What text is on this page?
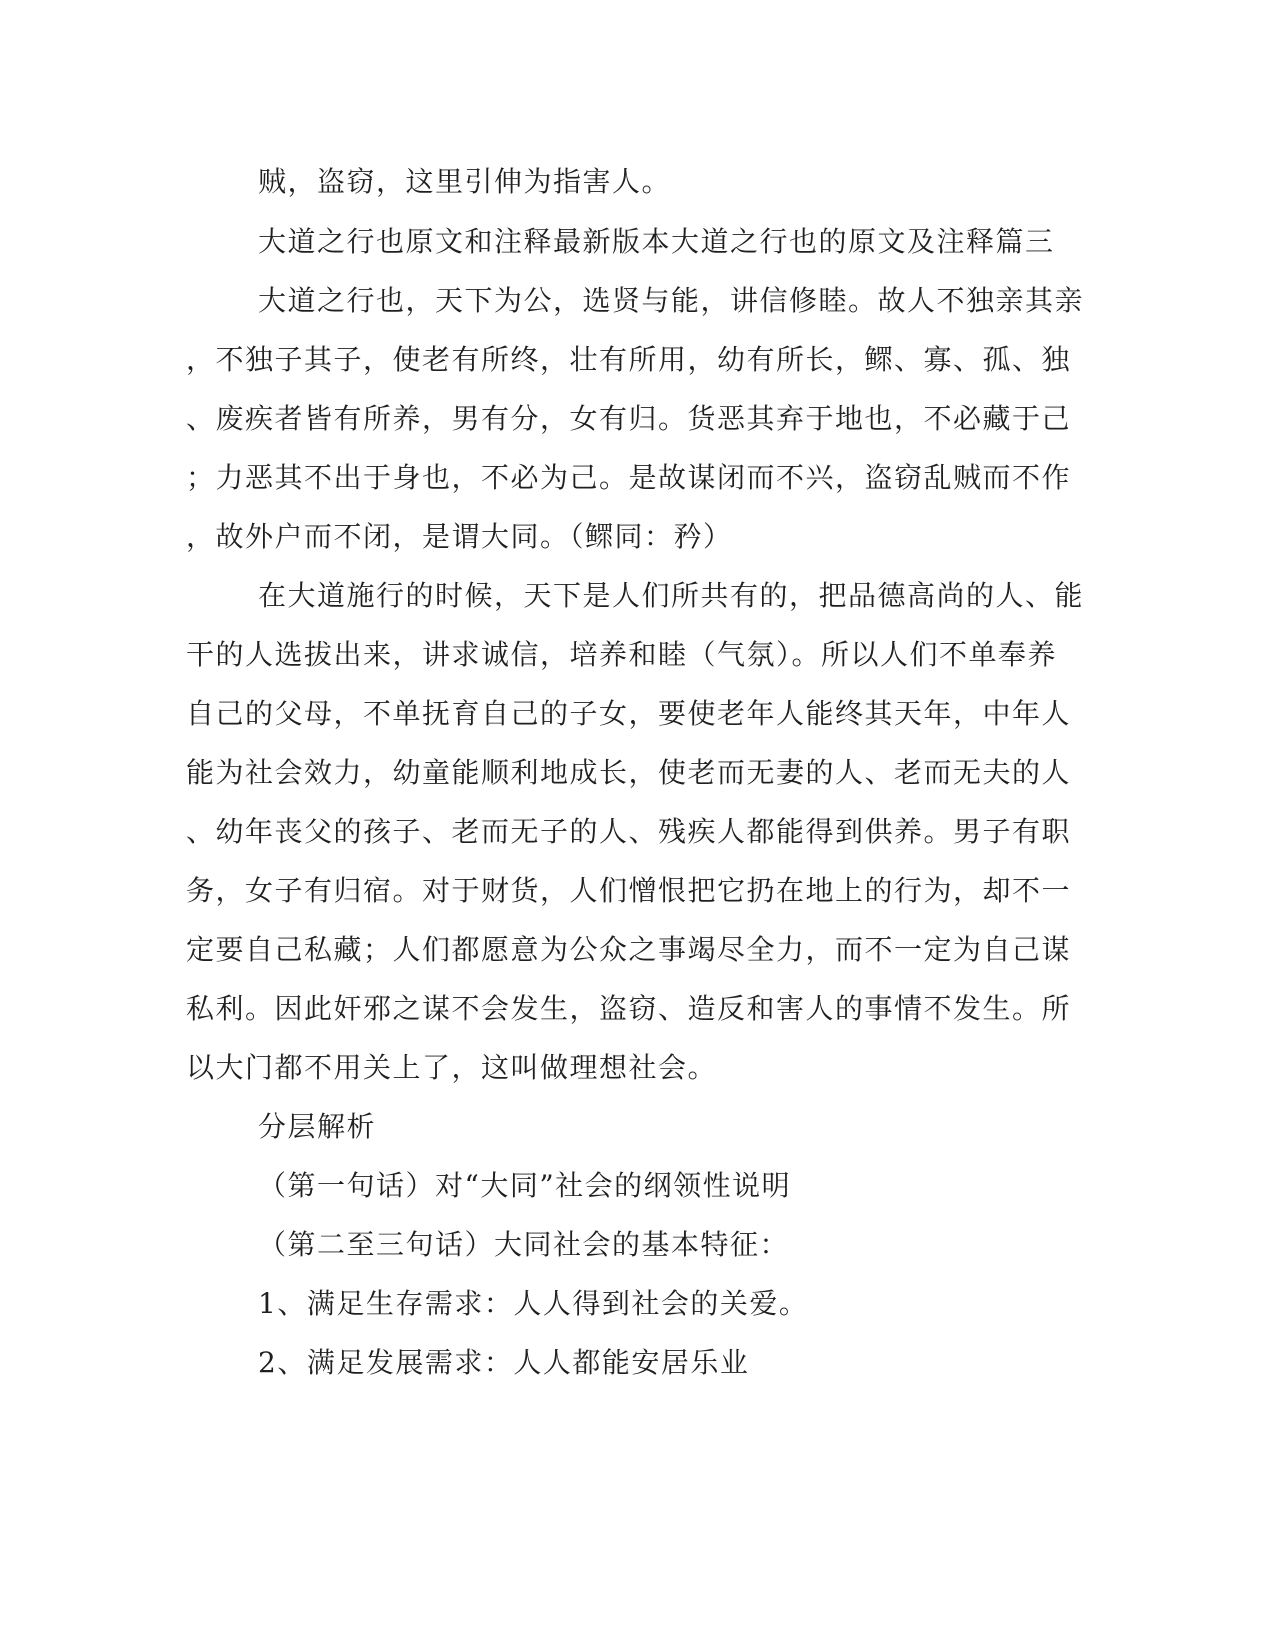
贼，盗窃，这里引伸为指害人。
大道之行也原文和注释最新版本大道之行也的原文及注释篇三
大道之行也，天下为公，选贤与能，讲信修睦。故人不独亲其亲
，不独子其子，使老有所终，壮有所用，幼有所长，鳏、寡、孤、独
、废疾者皆有所养，男有分，女有归。货恶其弃于地也，不必藏于己
；力恶其不出于身也，不必为己。是故谋闭而不兴，盗窃乱贼而不作
，故外户而不闭，是谓大同。（鳏同：矜）
在大道施行的时候，天下是人们所共有的，把品德高尚的人、能
干的人选拔出来，讲求诚信，培养和睦（气氛）。所以人们不单奉养
自己的父母，不单抚育自己的子女，要使老年人能终其天年，中年人
能为社会效力，幼童能顺利地成长，使老而无妻的人、老而无夫的人
、幼年丧父的孩子、老而无子的人、残疾人都能得到供养。男子有职
务，女子有归宿。对于财货，人们憎恨把它扔在地上的行为，却不一
定要自己私藏；人们都愿意为公众之事竭尽全力，而不一定为自己谋
私利。因此奸邪之谋不会发生，盗窃、造反和害人的事情不发生。所
以大门都不用关上了，这叫做理想社会。
分层解析
（第一句话）对“大同”社会的纲领性说明
（第二至三句话）大同社会的基本特征：
1、满足生存需求：人人得到社会的关爱。
2、满足发展需求：人人都能安居乐业
